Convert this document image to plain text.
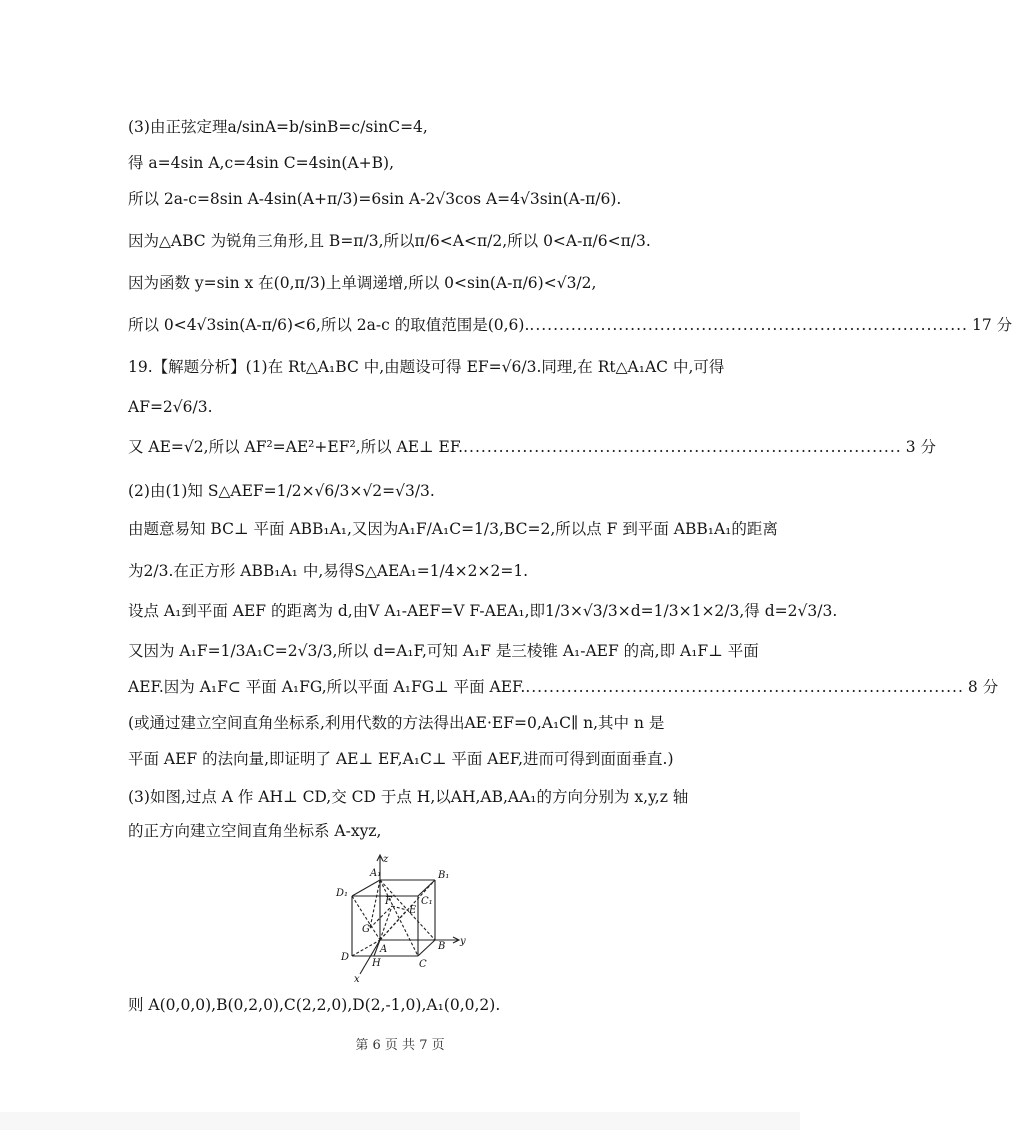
(3)由正弦定理a/sinA=b/sinB=c/sinC=4,
得 a=4sin A,c=4sin C=4sin(A+B),
所以 2a-c=8sin A-4sin(A+π/3)=6sin A-2√3cos A=4√3sin(A-π/6).
因为△ABC 为锐角三角形,且 B=π/3,所以π/6<A<π/2,所以 0<A-π/6<π/3.
因为函数 y=sin x 在(0,π/3)上单调递增,所以 0<sin(A-π/6)<√3/2,
所以 0<4√3sin(A-π/6)<6,所以 2a-c 的取值范围是(0,6). .......................................................................... 17 分
19.【解题分析】(1)在 Rt△A₁BC 中,由题设可得 EF=√6/3.同理,在 Rt△A₁AC 中,可得
AF=2√6/3.
又 AE=√2,所以 AF²=AE²+EF²,所以 AE⊥ EF. .......................................................................... 3 分
(2)由(1)知 S△AEF=1/2×√6/3×√2=√3/3.
由题意易知 BC⊥ 平面 ABB₁A₁,又因为A₁F/A₁C=1/3,BC=2,所以点 F 到平面 ABB₁A₁的距离
为2/3.在正方形 ABB₁A₁ 中,易得S△AEA₁=1/4×2×2=1.
设点 A₁到平面 AEF 的距离为 d,由V A₁-AEF=V F-AEA₁,即1/3×√3/3×d=1/3×1×2/3,得 d=2√3/3.
又因为 A₁F=1/3A₁C=2√3/3,所以 d=A₁F,可知 A₁F 是三棱锥 A₁-AEF 的高,即 A₁F⊥ 平面
AEF.因为 A₁F⊂ 平面 A₁FG,所以平面 A₁FG⊥ 平面 AEF. .......................................................................... 8 分
(或通过建立空间直角坐标系,利用代数的方法得出AE·EF=0,A₁C∥ n,其中 n 是
平面 AEF 的法向量,即证明了 AE⊥ EF,A₁C⊥ 平面 AEF,进而可得到面面垂直.)
(3)如图,过点 A 作 AH⊥ CD,交 CD 于点 H,以AH,AB,AA₁的方向分别为 x,y,z 轴
的正方向建立空间直角坐标系 A-xyz,
z
y
x
A₁	B₁
C₁
D₁
A	B
C
D
E
F
G
H
则 A(0,0,0),B(0,2,0),C(2,2,0),D(2,-1,0),A₁(0,0,2).
第 6 页 共 7 页
